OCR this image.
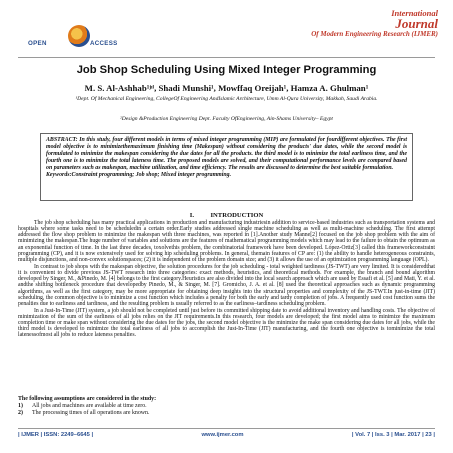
OPEN	ACCESS
International
Journal
Of Modern Engineering Research (IJMER)
Job Shop Scheduling Using Mixed Integer Programming
M. S. Al-Ashhab¹ʲᶦˡ, Shadi Munshi¹, Mowffaq Oreijah¹, Hamza A. Ghulman¹
¹Dept. Of Mechanical Engineering, CollegeOf Engineering AndIslamic Architecture, Umm Al-Qura University, Makkah, Saudi Arabia.
²Design &Production Engineering Dept. Faculty OfEngineering, Ain-Shams University– Egypt
ABSTRACT: In this study, four different models in terms of mixed integer programming (MIP) are formulated for fourdifferent objectives. The first model objective is to minimizethemaximum finishing time (Makespan) without considering the products' due dates, while the second model is formulated to minimize the makespan considering the due dates for all the products. the third model is to minimize the total earliness time, and the fourth one is to minimize the total lateness time. The proposed models are solved, and their computational performance levels are compared based on parameters such as makespan, machine utilization, and time efficiency. The results are discussed to determine the best suitable formulation.
Keywords:Constraint programming; Job shop; Mixed integer programming.
I.          INTRODUCTION

The job shop scheduling has many practical applications in production and manufacturing industriesin addition to service-based industries such as transportation systems and hospitals where some tasks need to be scheduledin a certain order.Early studies addressed single machine scheduling as well as multi-machine scheduling. The first attempt addressed the flow shop problem to minimize the makespan with three machines, was reported in [1].Another study Manne[2] focused on the job shop problem with the aim of minimizing the makespan.The huge number of variables and solutions are the features of mathematical programming models which may lead to the failure to obtain the optimum as an exponential function of time. In the last three decades, toxolvethis problem, the combinatorial framework have been developed. López-Ortiz[3] called this frameworkconstraint programming (CP), and it is now extensively used for solving hip scheduling problems. In general, themain features of CP are: (1) the ability to handle heterogeneous constraints, multiple disjunctions, and non-convex solutionspaces; (2) it is independent of the problem domain size; and (3) it allows the use of an optimization programming language (OPL).

In contrast to job shops with the makespan objective, the solution procedures for the job scheduling - total weighted tardiness (JS-TWT) are very limited. It is consideredthat it is convenient to divide previous JS-TWT research into three categories: exact methods, heuristics, and theoretical methods. For example, the branch and bound algorithm developed by Singer, M., &Pinedo, M. [4] belongs to the first category.Heuristics are also divided into the local search approach which are used by Essafi et al. [5] and Mati, Y. et al. andthe shifting bottleneck procedure that developedby Pinedo, M., & Singer, M. [7]. Gromicho, J. A. et al. [8] used the theoretical approaches such as dynamic programming algorithms, as well as the first category, may be more appropriate for obtaining deep insights into the structural properties and complexity of the JS-TWT.In just-in-time (JIT) scheduling, the common objective is to minimize a cost function which includes a penalty for both the early and tardy completion of jobs. A frequently used cost function sums the penalties due to earliness and tardiness, and the resulting problem is usually referred to as the earliness–tardiness scheduling problem.

In a Just-In-Time (JIT) system, a job should not be completed until just before its committed shipping date to avoid additional inventory and handling costs. The objective of minimization of the sum of the earliness of all jobs relies on the JIT requirements.In this research, four models are developed; the first model aims to minimize the maximum completion time or make span without considering the due dates for the jobs, the second model objective is the minimize the make span considering due dates for all jobs, while the third model is developed to minimize the total earliness of all jobs to accomplish the Just-In-Time (JIT) manufacturing, and the fourth one objective is tominimize the total latenessofmost all jobs to reduce lateness penalties.

The following assumptions are considered in the study:
1)	All jobs and machines are available at time zero.
2)	The processing times of all operations are known.
| IJMER | ISSN: 2249–6645 |	www.ijmer.com	| Vol. 7 | Iss. 3 | Mar. 2017 | 23 |
